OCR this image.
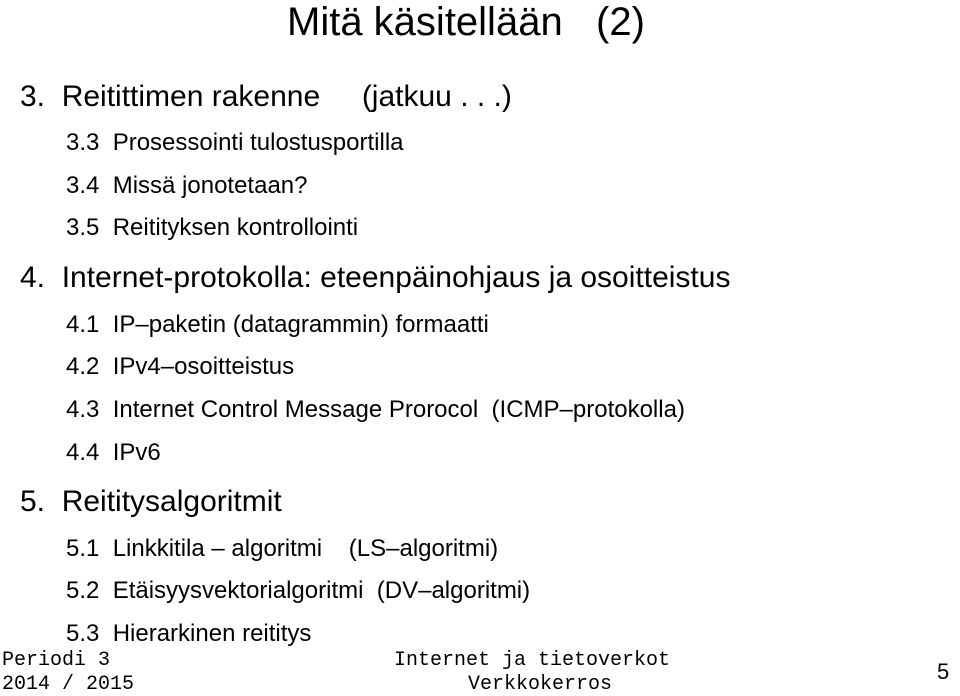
Mitä käsitellään   (2)
3.  Reitittimen rakenne     (jatkuu . . .)
3.3  Prosessointi tulostusportilla
3.4  Missä jonotetaan?
3.5  Reitityksen kontrollointi
4.  Internet-protokolla: eteenpäinohjaus ja osoitteistus
4.1  IP–paketin (datagrammin) formaatti
4.2  IPv4–osoitteistus
4.3  Internet Control Message Prorocol  (ICMP–protokolla)
4.4  IPv6
5.  Reititysalgoritmit
5.1  Linkkitila – algoritmi    (LS–algoritmi)
5.2  Etäisyysvektorialgoritmi  (DV–algoritmi)
5.3  Hierarkinen reititys
Periodi 3
2014 / 2015
Internet ja tietoverkot
Verkkokerros
5
